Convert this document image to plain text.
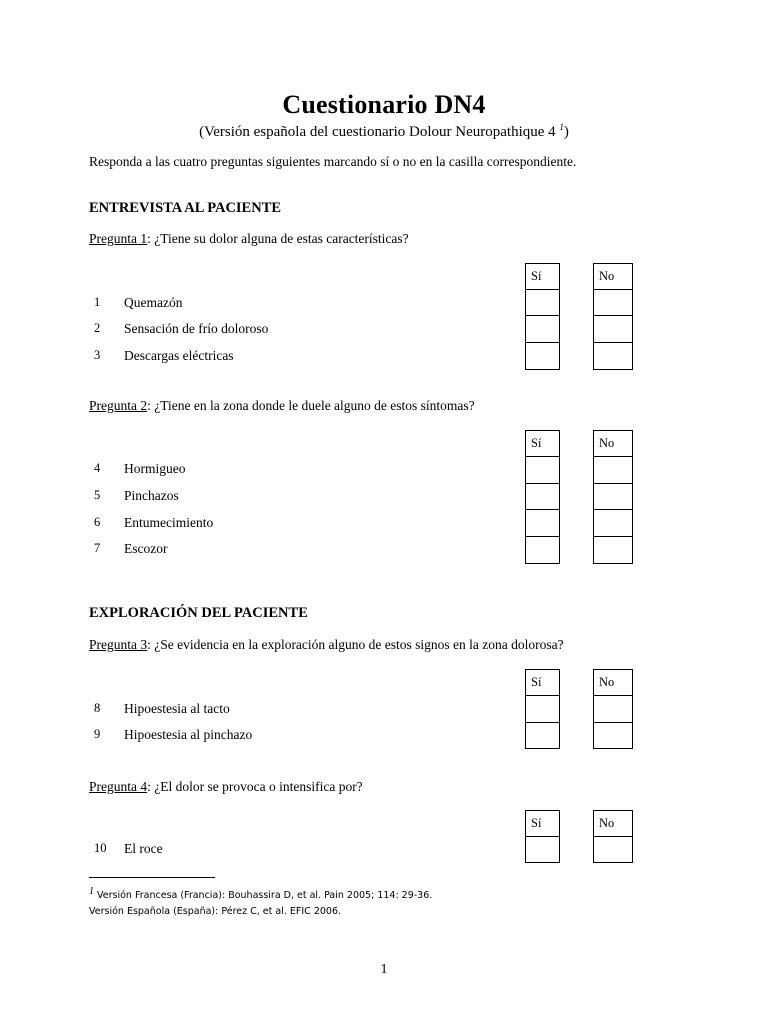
Cuestionario DN4
(Versión española del cuestionario Dolour Neuropathique 4 $^1$)
Responda a las cuatro preguntas siguientes marcando sí o no en la casilla correspondiente.
ENTREVISTA AL PACIENTE
Pregunta 1: ¿Tiene su dolor alguna de estas características?
Sí	No
1 Quemazón
2 Sensación de frío doloroso
3 Descargas eléctricas
Pregunta 2: ¿Tiene en la zona donde le duele alguno de estos síntomas?
Sí	No
4 Hormigueo
5 Pinchazos
6 Entumecimiento
7 Escozor
EXPLORACIÓN DEL PACIENTE
Pregunta 3: ¿Se evidencia en la exploración alguno de estos signos en la zona dolorosa?
Sí	No
8 Hipoestesia al tacto
9 Hipoestesia al pinchazo
Pregunta 4: ¿El dolor se provoca o intensifica por?
Sí	No
10 El roce
$^1$ Versión Francesa (Francia): Bouhassira D, et al. Pain 2005; 114: 29-36.
Versión Española (España): Pérez C, et al. EFIC 2006.
1
